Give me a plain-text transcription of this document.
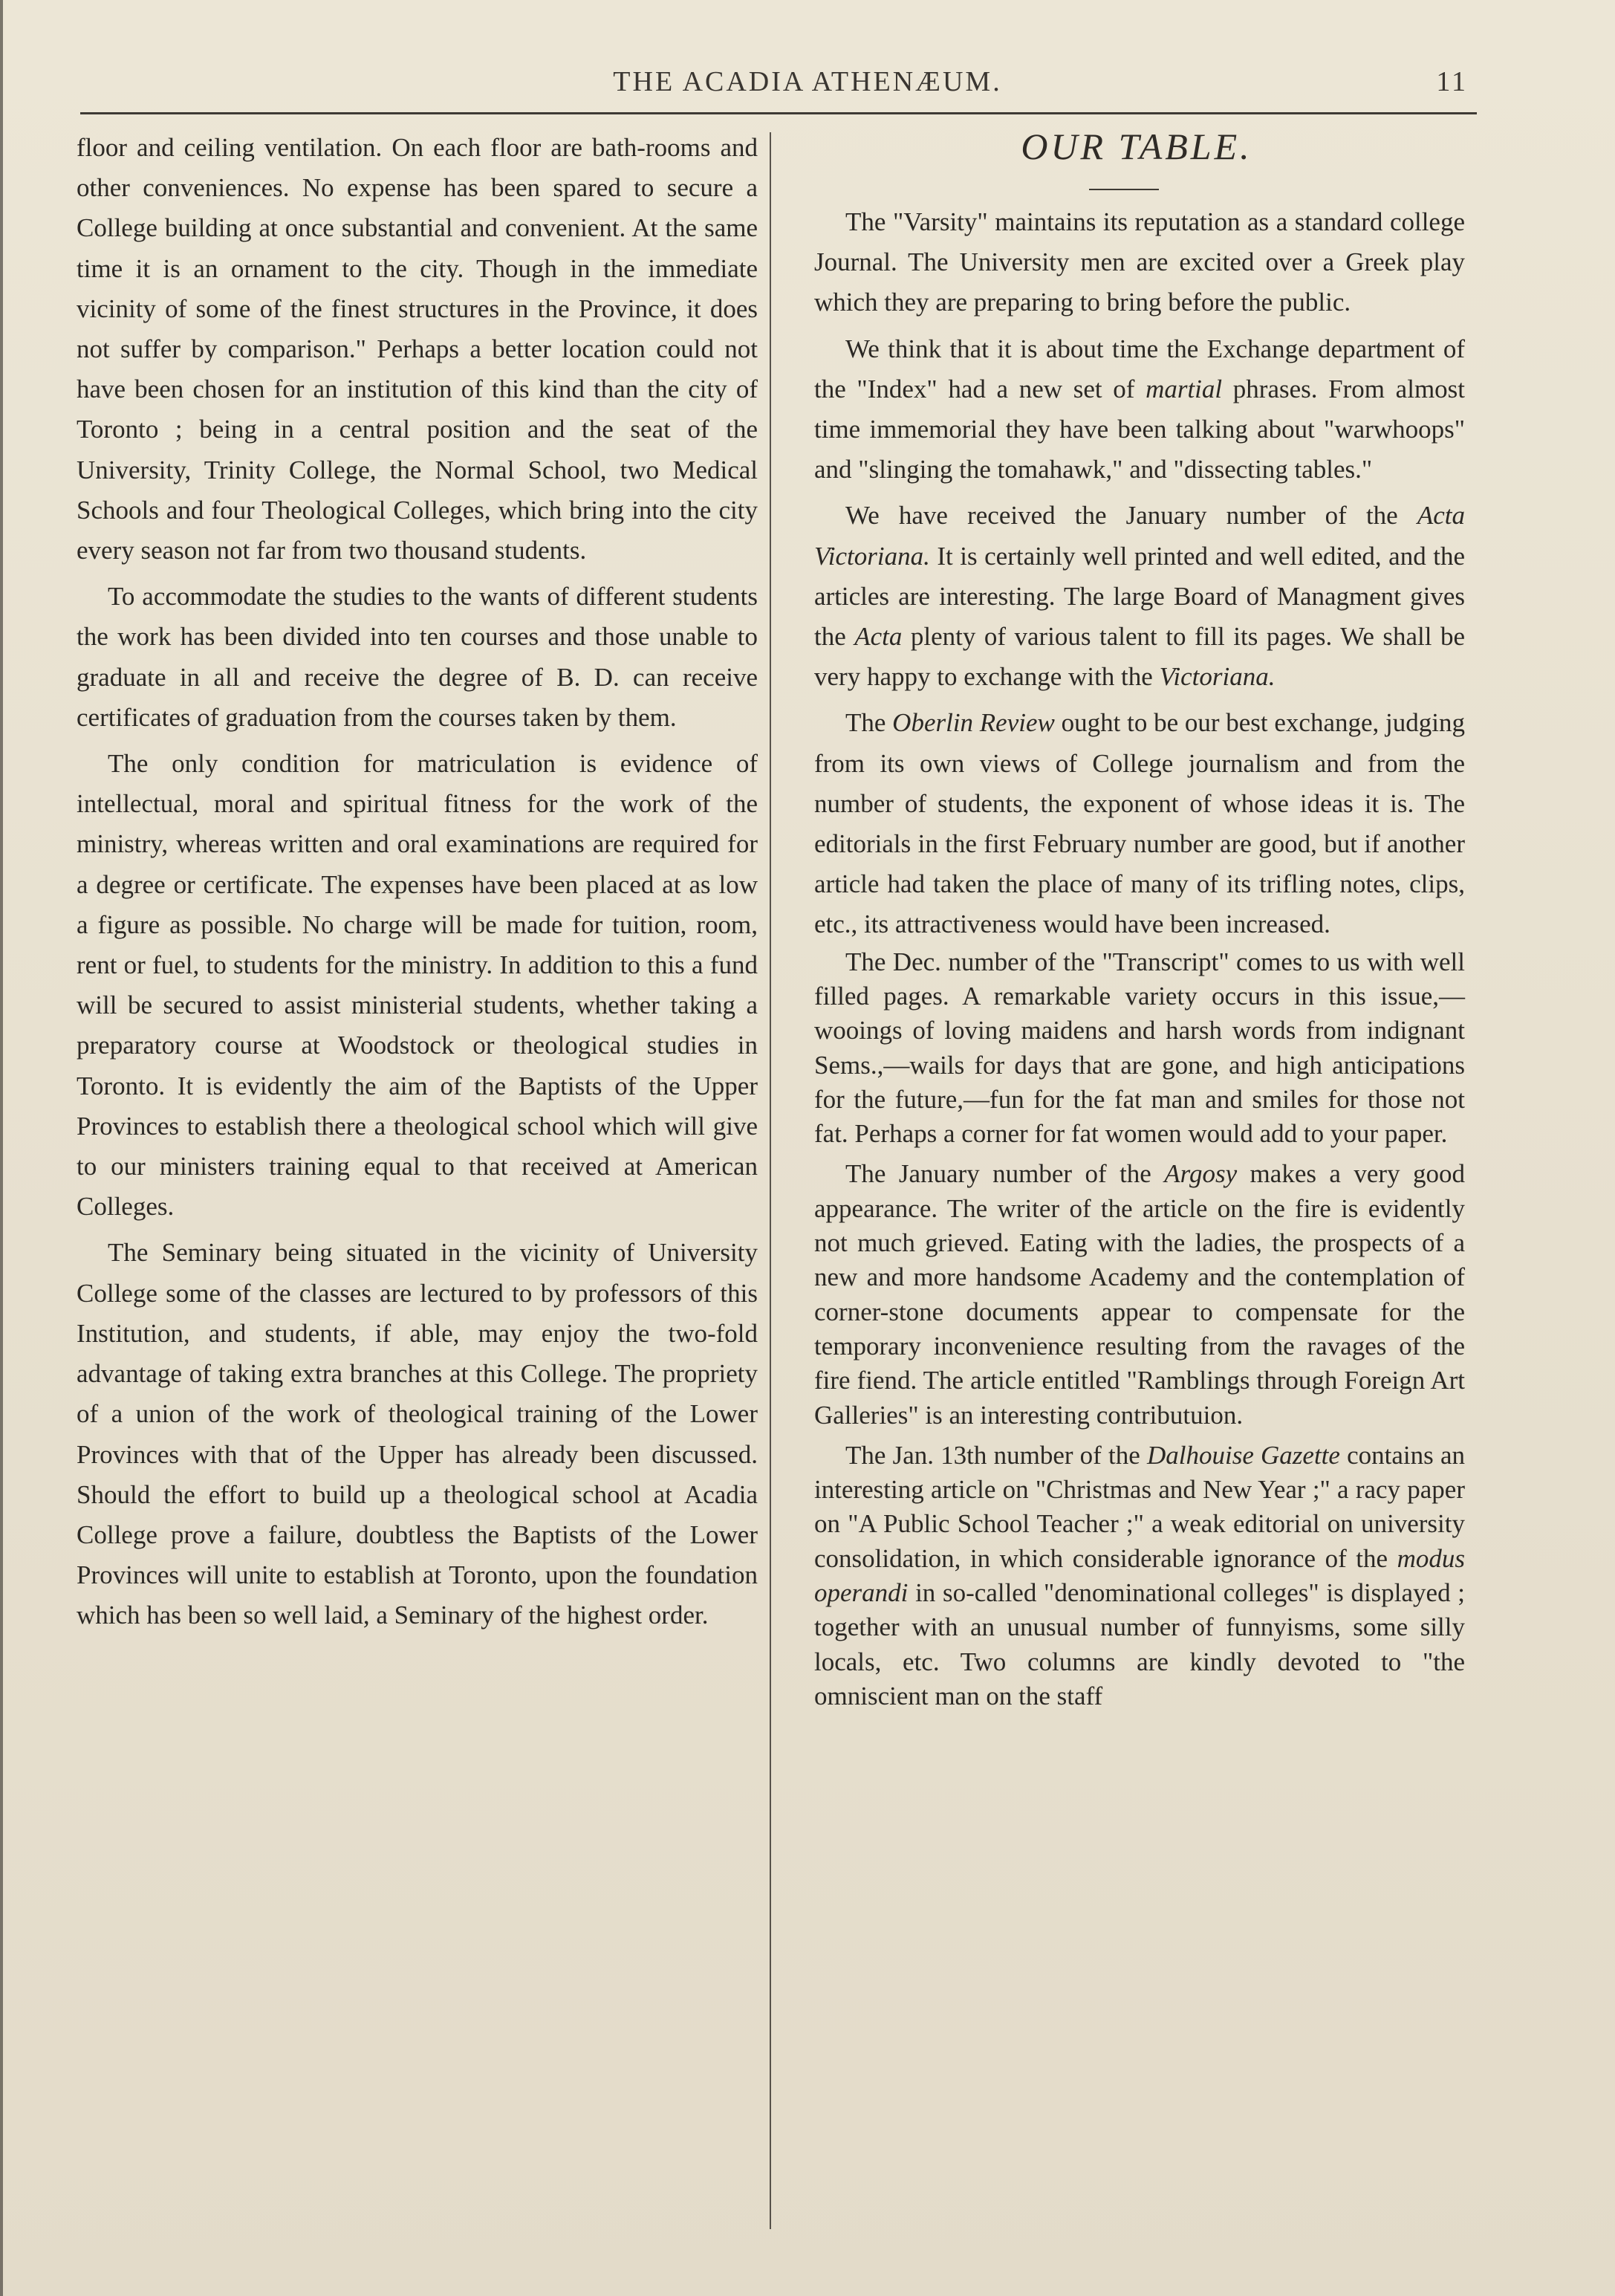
THE ACADIA ATHENÆUM.	11

floor and ceiling ventilation. On each floor are bath-rooms and other conveniences. No expense has been spared to secure a College building at once substantial and convenient. At the same time it is an ornament to the city. Though in the immediate vicinity of some of the finest structures in the Province, it does not suffer by comparison." Perhaps a better location could not have been chosen for an institution of this kind than the city of Toronto ; being in a central position and the seat of the University, Trinity College, the Normal School, two Medical Schools and four Theological Colleges, which bring into the city every season not far from two thousand students.

To accommodate the studies to the wants of different students the work has been divided into ten courses and those unable to graduate in all and receive the degree of B. D. can receive certificates of graduation from the courses taken by them.

The only condition for matriculation is evidence of intellectual, moral and spiritual fitness for the work of the ministry, whereas written and oral examinations are required for a degree or certificate. The expenses have been placed at as low a figure as possible. No charge will be made for tuition, room, rent or fuel, to students for the ministry. In addition to this a fund will be secured to assist ministerial students, whether taking a preparatory course at Woodstock or theological studies in Toronto. It is evidently the aim of the Baptists of the Upper Provinces to establish there a theological school which will give to our ministers training equal to that received at American Colleges.

The Seminary being situated in the vicinity of University College some of the classes are lectured to by professors of this Institution, and students, if able, may enjoy the two-fold advantage of taking extra branches at this College. The propriety of a union of the work of theological training of the Lower Provinces with that of the Upper has already been discussed. Should the effort to build up a theological school at Acadia College prove a failure, doubtless the Baptists of the Lower Provinces will unite to establish at Toronto, upon the foundation which has been so well laid, a Seminary of the highest order.

OUR TABLE.

The "Varsity" maintains its reputation as a standard college Journal. The University men are excited over a Greek play which they are preparing to bring before the public.

We think that it is about time the Exchange department of the "Index" had a new set of martial phrases. From almost time immemorial they have been talking about "warwhoops" and "slinging the tomahawk," and "dissecting tables."

We have received the January number of the Acta Victoriana. It is certainly well printed and well edited, and the articles are interesting. The large Board of Managment gives the Acta plenty of various talent to fill its pages. We shall be very happy to exchange with the Victoriana.

The Oberlin Review ought to be our best exchange, judging from its own views of College journalism and from the number of students, the exponent of whose ideas it is. The editorials in the first February number are good, but if another article had taken the place of many of its trifling notes, clips, etc., its attractiveness would have been increased.

The Dec. number of the "Transcript" comes to us with well filled pages. A remarkable variety occurs in this issue,—wooings of loving maidens and harsh words from indignant Sems.,—wails for days that are gone, and high anticipations for the future,—fun for the fat man and smiles for those not fat. Perhaps a corner for fat women would add to your paper.

The January number of the Argosy makes a very good appearance. The writer of the article on the fire is evidently not much grieved. Eating with the ladies, the prospects of a new and more handsome Academy and the contemplation of corner-stone documents appear to compensate for the temporary inconvenience resulting from the ravages of the fire fiend. The article entitled "Ramblings through Foreign Art Galleries" is an interesting contributuion.

The Jan. 13th number of the Dalhouise Gazette contains an interesting article on "Christmas and New Year ;" a racy paper on "A Public School Teacher ;" a weak editorial on university consolidation, in which considerable ignorance of the modus operandi in so-called "denominational colleges" is displayed ; together with an unusual number of funnyisms, some silly locals, etc. Two columns are kindly devoted to "the omniscient man on the staff
